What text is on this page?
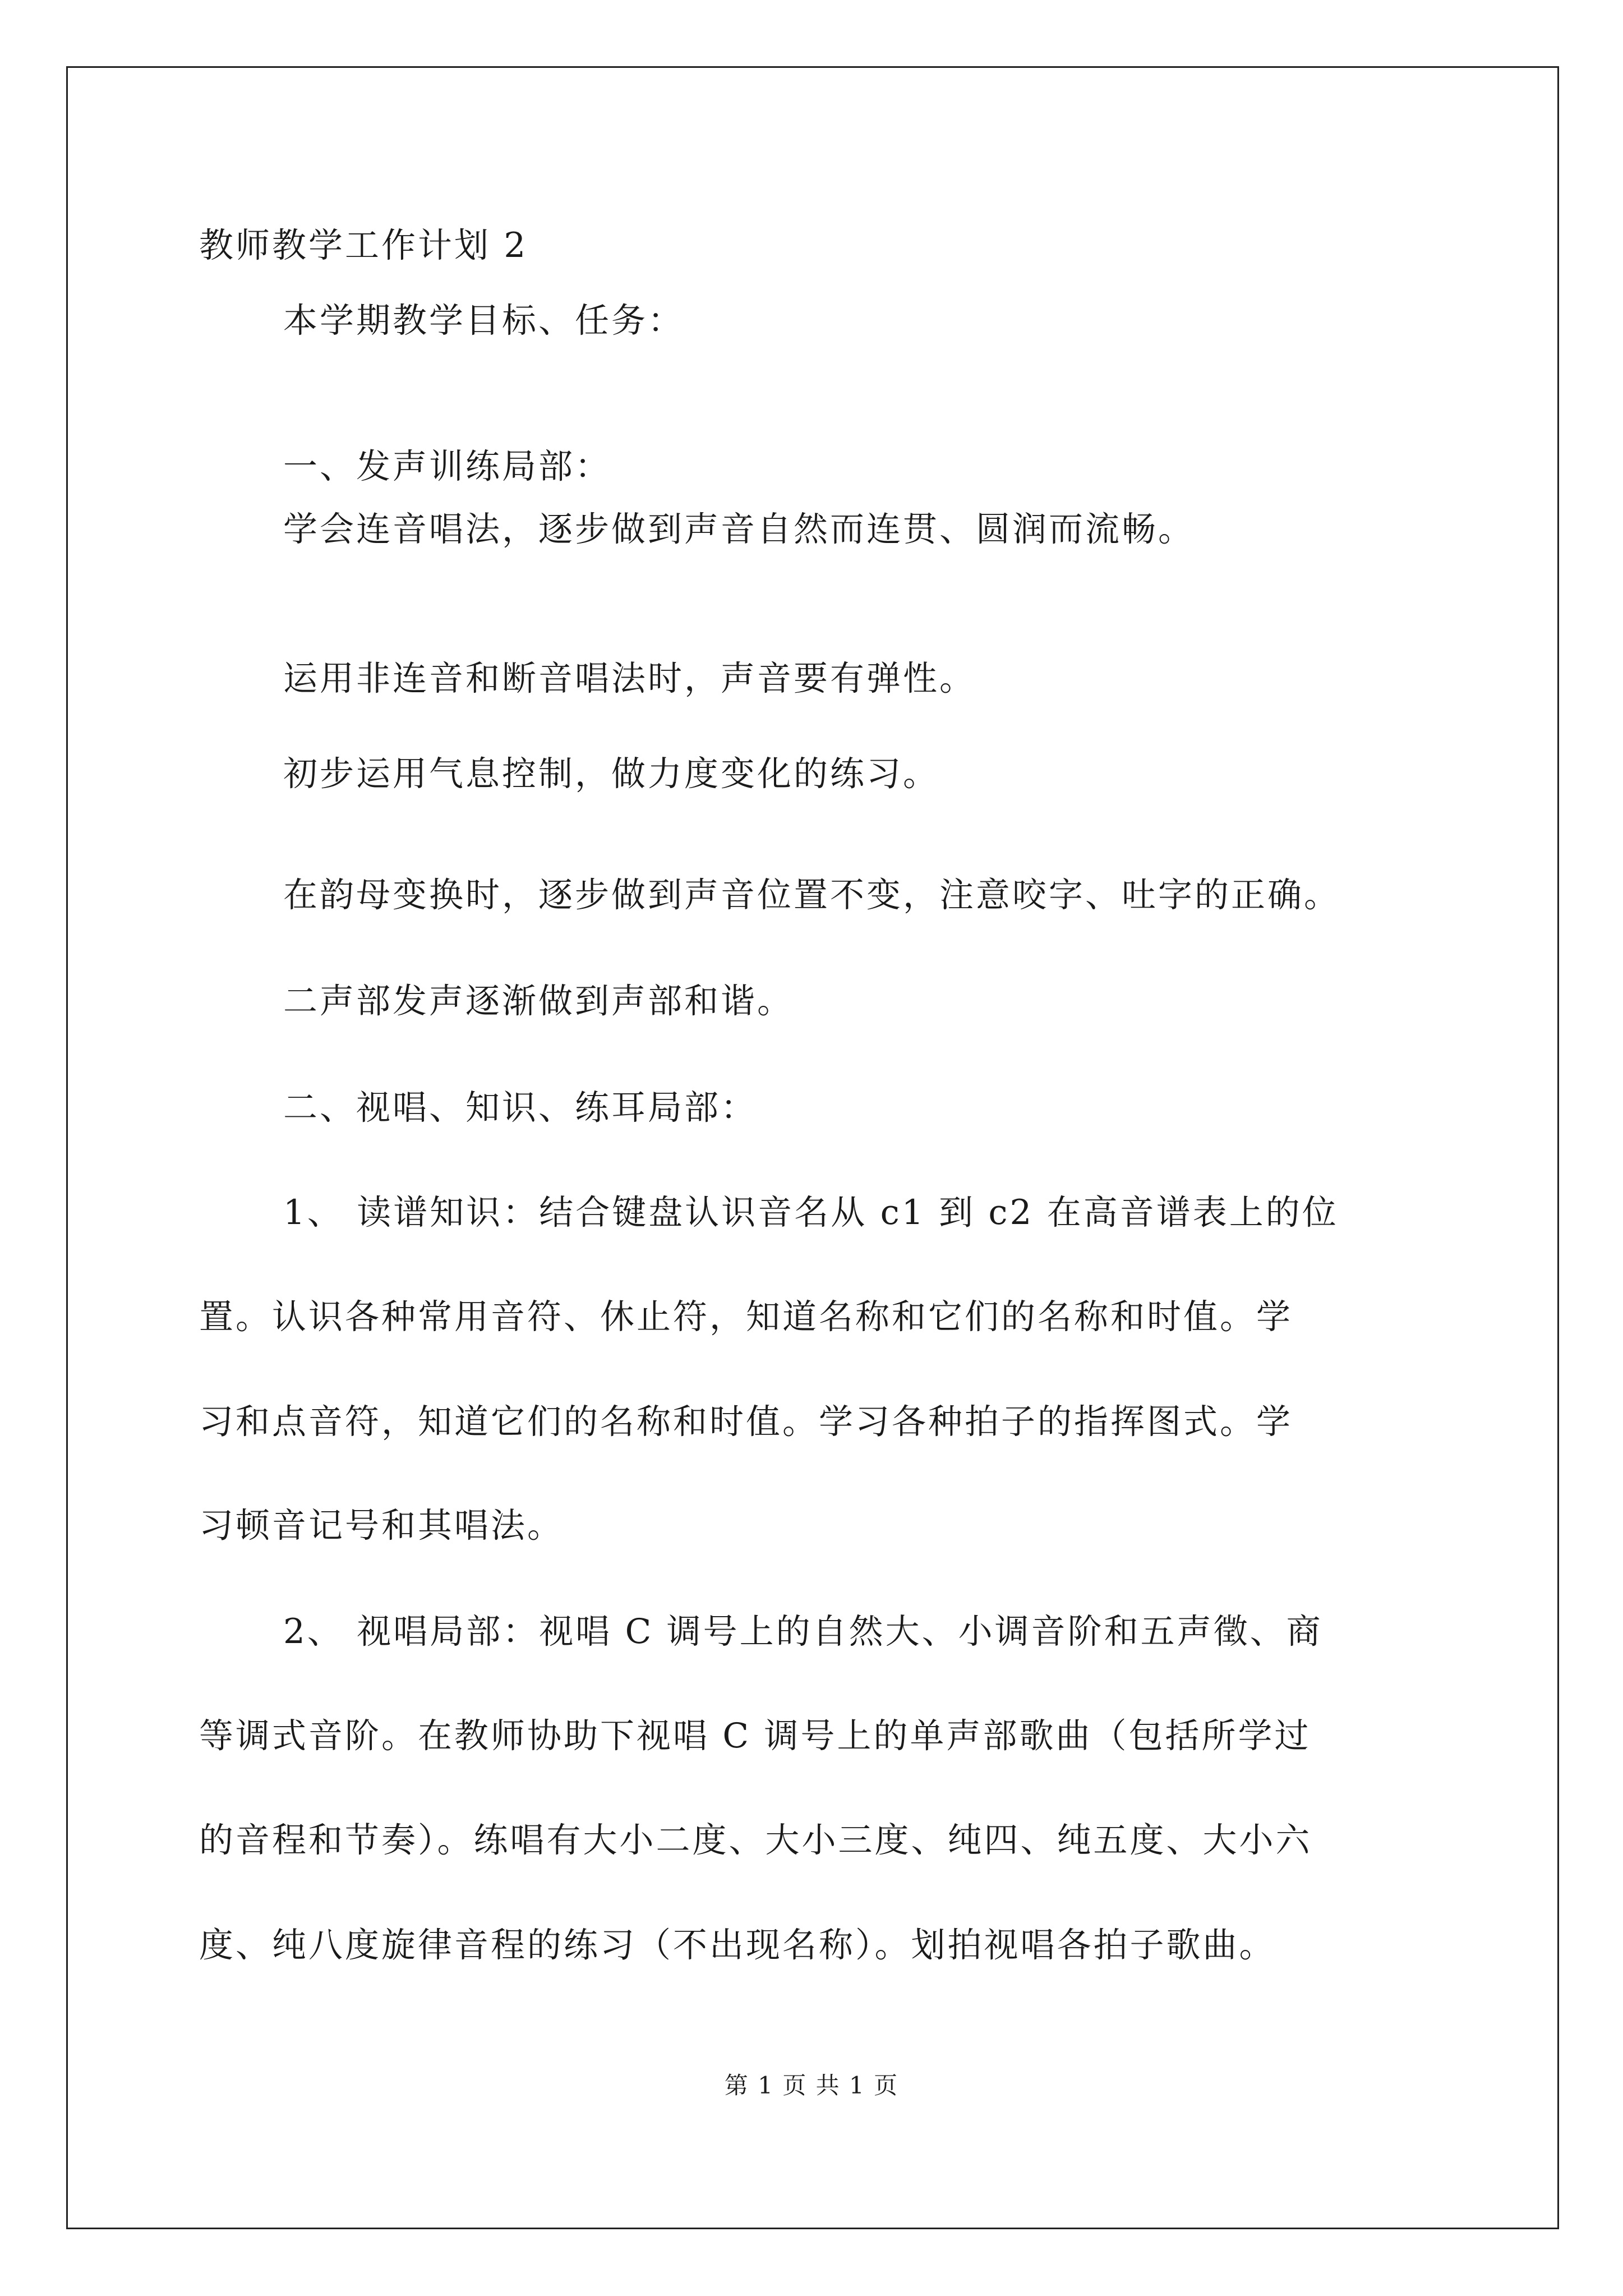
教师教学工作计划 2
本学期教学目标、任务：
一、发声训练局部：
学会连音唱法，逐步做到声音自然而连贯、圆润而流畅。
运用非连音和断音唱法时，声音要有弹性。
初步运用气息控制，做力度变化的练习。
在韵母变换时，逐步做到声音位置不变，注意咬字、吐字的正确。
二声部发声逐渐做到声部和谐。
二、视唱、知识、练耳局部：
1、 读谱知识：结合键盘认识音名从 c1 到 c2 在高音谱表上的位
置。认识各种常用音符、休止符，知道名称和它们的名称和时值。学
习和点音符，知道它们的名称和时值。学习各种拍子的指挥图式。学
习顿音记号和其唱法。
2、 视唱局部：视唱 C 调号上的自然大、小调音阶和五声徵、商
等调式音阶。在教师协助下视唱 C 调号上的单声部歌曲（包括所学过
的音程和节奏）。练唱有大小二度、大小三度、纯四、纯五度、大小六
度、纯八度旋律音程的练习（不出现名称）。划拍视唱各拍子歌曲。
第 1 页 共 1 页
